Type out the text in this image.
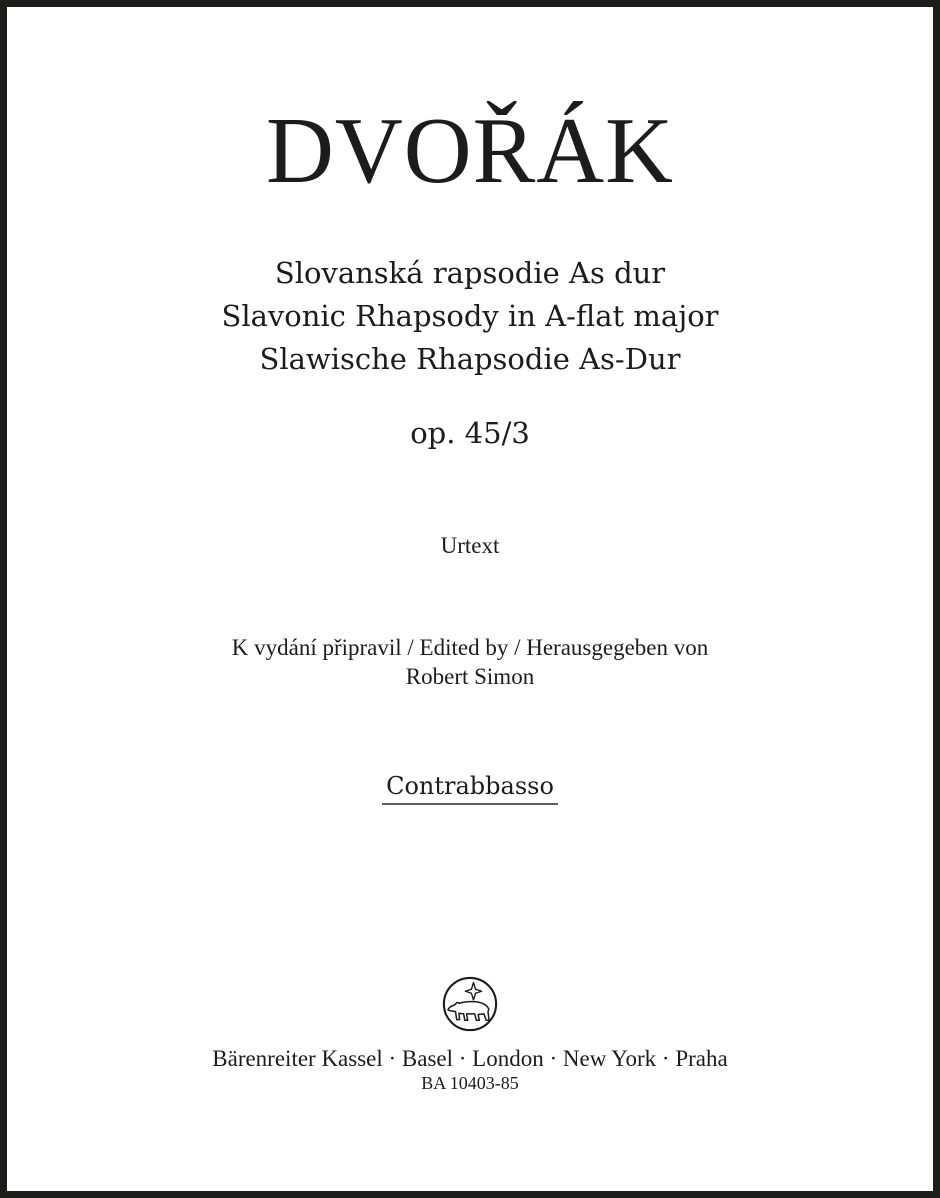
DVOŘÁK
Slovanská rapsodie As dur
Slavonic Rhapsody in A-flat major
Slawische Rhapsodie As-Dur
op. 45/3
Urtext
K vydání připravil / Edited by / Herausgegeben von
Robert Simon
Contrabbasso
Bärenreiter Kassel · Basel · London · New York · Praha
BA 10403-85
